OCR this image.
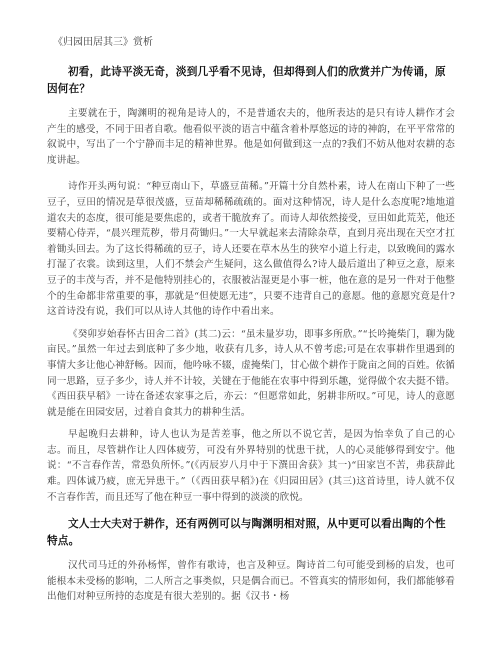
《归园田居其三》赏析
初看，此诗平淡无奇，淡到几乎看不见诗，但却得到人们的欣赏并广为传诵，原因何在？

主要就在于，陶渊明的视角是诗人的，不是普通农夫的，他所表达的是只有诗人耕作才会产生的感受，不同于田者自歌。他看似平淡的语言中蕴含着朴厚悠远的诗的神韵，在平平常常的叙说中，写出了一个宁静而丰足的精神世界。他是如何做到这一点的?我们不妨从他对农耕的态度讲起。

诗作开头两句说：“种豆南山下，草盛豆苗稀。”开篇十分自然朴素，诗人在南山下种了一些豆子，豆田的情况是草很茂盛，豆苗却稀稀疏疏的。面对这种情况，诗人是什么态度呢?地地道道农夫的态度，很可能是要焦虑的，或者干脆放弃了。而诗人却依然接受，豆田如此荒芜，他还要精心侍弄，“晨兴理荒秽，带月荷锄归。”一大早就起来去清除杂草，直到月亮出现在天空才扛着锄头回去。为了这长得稀疏的豆子，诗人还要在草木丛生的狭窄小道上行走，以致晚间的露水打湿了衣裳。读到这里，人们不禁会产生疑问，这么做值得么?诗人最后道出了种豆之意，原来豆子的丰茂与否，并不是他特别挂心的，衣服被沾湿更是小事一桩，他在意的是另一件对于他整个的生命都非常重要的事，那就是“但使愿无违”，只要不违背自己的意愿。他的意愿究竟是什?这首诗没有说，我们可以从诗人其他的诗作中看出来。

《癸卯岁始春怀古田舍二首》(其二)云：“虽未量岁功，即事多所欣。”“长吟掩柴门，聊为陇亩民。”虽然一年过去到底种了多少地，收获有几多，诗人从不曾考虑;可是在农事耕作里遇到的事情大多让他心神舒畅。因而，他吟咏不辍，虚掩柴门，甘心做个耕作于陇亩之间的百姓。依循同一思路，豆子多少，诗人并不计较，关键在于他能在农事中得到乐趣，觉得做个农夫挺不错。《西田获早稻》一诗在备述农家事之后，亦云：“但愿常如此，躬耕非所叹。”可见，诗人的意愿就是能在田园安居，过着自食其力的耕种生活。

早起晚归去耕种，诗人也认为是苦差事，他之所以不说它苦，是因为怡幸负了自己的心志。而且，尽管耕作让人四体疲劳，可没有外界特别的忧患干扰，人的心灵能够得到安宁。他说：“不言春作苦，常恐负所怀。”(《丙辰岁八月中于下潠田舍获》其一)“田家岂不苦，弗获辞此难。四体诚乃疲，庶无异患干。”（《西田获早稻》)在《归园田居》(其三)这首诗里，诗人就不仅不言春作苦，而且还写了他在种豆一事中得到的淡淡的欣悦。

文人士大夫对于耕作，还有两例可以与陶渊明相对照，从中更可以看出陶的个性特点。

汉代司马迁的外孙杨恽，曾作有歌诗，也言及种豆。陶诗首二句可能受到杨的启发，也可能根本未受杨的影响，二人所言之事类似，只是偶合而已。不管真实的情形如何，我们都能够看出他们对种豆所持的态度是有很大差别的。据《汉书・杨
